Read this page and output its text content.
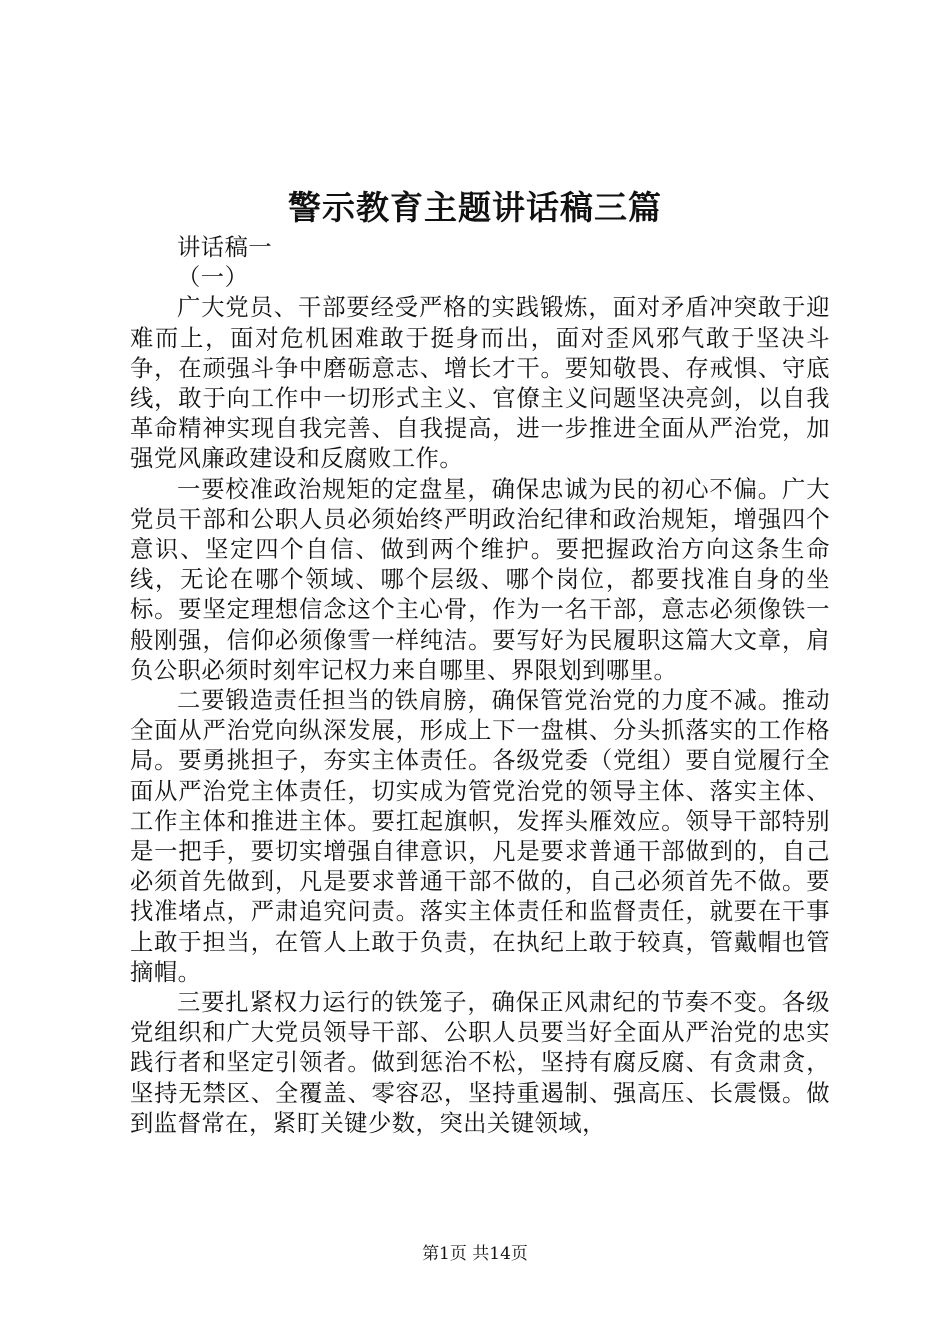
警示教育主题讲话稿三篇

讲话稿一

（一）

广大党员、干部要经受严格的实践锻炼，面对矛盾冲突敢于迎难而上，面对危机困难敢于挺身而出，面对歪风邪气敢于坚决斗争，在顽强斗争中磨砺意志、增长才干。要知敬畏、存戒惧、守底线，敢于向工作中一切形式主义、官僚主义问题坚决亮剑，以自我革命精神实现自我完善、自我提高，进一步推进全面从严治党，加强党风廉政建设和反腐败工作。

一要校准政治规矩的定盘星，确保忠诚为民的初心不偏。广大党员干部和公职人员必须始终严明政治纪律和政治规矩，增强四个意识、坚定四个自信、做到两个维护。要把握政治方向这条生命线，无论在哪个领域、哪个层级、哪个岗位，都要找准自身的坐标。要坚定理想信念这个主心骨，作为一名干部，意志必须像铁一般刚强，信仰必须像雪一样纯洁。要写好为民履职这篇大文章，肩负公职必须时刻牢记权力来自哪里、界限划到哪里。

二要锻造责任担当的铁肩膀，确保管党治党的力度不减。推动全面从严治党向纵深发展，形成上下一盘棋、分头抓落实的工作格局。要勇挑担子，夯实主体责任。各级党委（党组）要自觉履行全面从严治党主体责任，切实成为管党治党的领导主体、落实主体、工作主体和推进主体。要扛起旗帜，发挥头雁效应。领导干部特别是一把手，要切实增强自律意识，凡是要求普通干部做到的，自己必须首先做到，凡是要求普通干部不做的，自己必须首先不做。要找准堵点，严肃追究问责。落实主体责任和监督责任，就要在干事上敢于担当，在管人上敢于负责，在执纪上敢于较真，管戴帽也管摘帽。

三要扎紧权力运行的铁笼子，确保正风肃纪的节奏不变。各级党组织和广大党员领导干部、公职人员要当好全面从严治党的忠实践行者和坚定引领者。做到惩治不松，坚持有腐反腐、有贪肃贪，坚持无禁区、全覆盖、零容忍，坚持重遏制、强高压、长震慑。做到监督常在，紧盯关键少数，突出关键领域，

第1页 共14页
